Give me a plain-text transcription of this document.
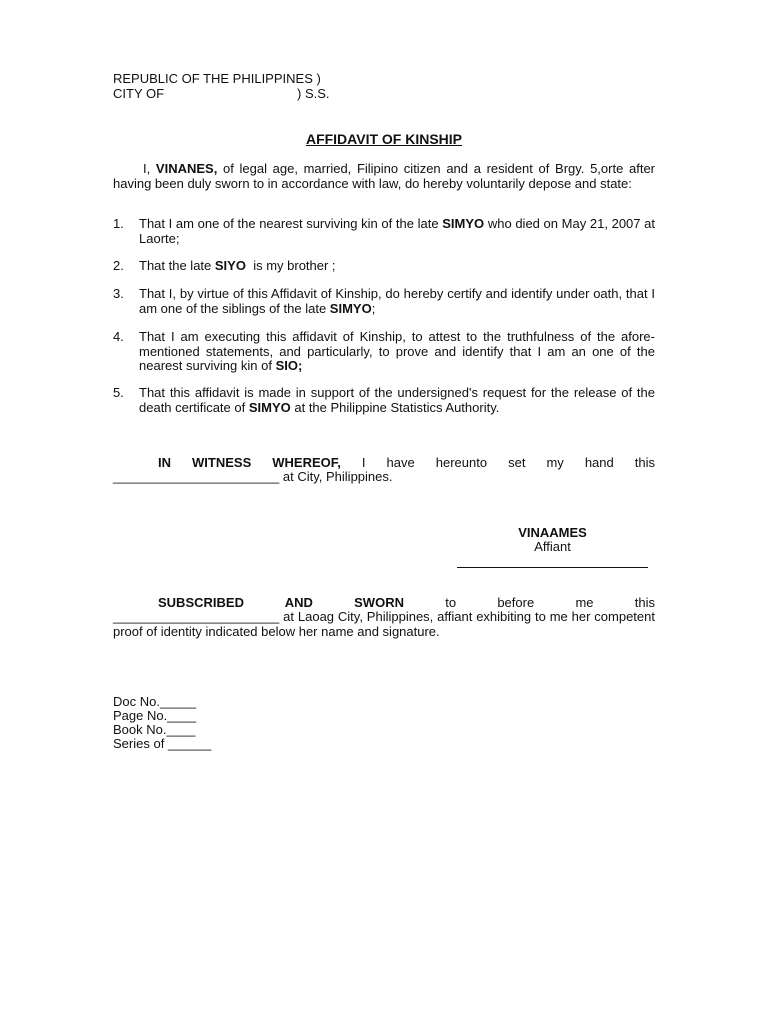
REPUBLIC OF THE PHILIPPINES )
CITY OF	) S.S.
AFFIDAVIT OF KINSHIP
I, VINANES, of legal age, married, Filipino citizen and a resident of Brgy. 5,orte after having been duly sworn to in accordance with law, do hereby voluntarily depose and state:
1. That I am one of the nearest surviving kin of the late SIMYO who died on May 21, 2007 at Laorte;
2. That the late SIYO  is my brother ;
3. That I, by virtue of this Affidavit of Kinship, do hereby certify and identify under oath, that I am one of the siblings of the late SIMYO;
4. That I am executing this affidavit of Kinship, to attest to the truthfulness of the afore-mentioned statements, and particularly, to prove and identify that I am an one of the nearest surviving kin of SIO;
5. That this affidavit is made in support of the undersigned's request for the release of the death certificate of SIMYO at the Philippine Statistics Authority.
IN WITNESS WHEREOF, I have hereunto set my hand this
_______________________ at City, Philippines.
VINAAMES
Affiant
SUBSCRIBED AND SWORN to before me this
_______________________ at Laoag City, Philippines, affiant exhibiting to me her competent proof of identity indicated below her name and signature.
Doc No._____
Page No.____
Book No.____
Series of ______
